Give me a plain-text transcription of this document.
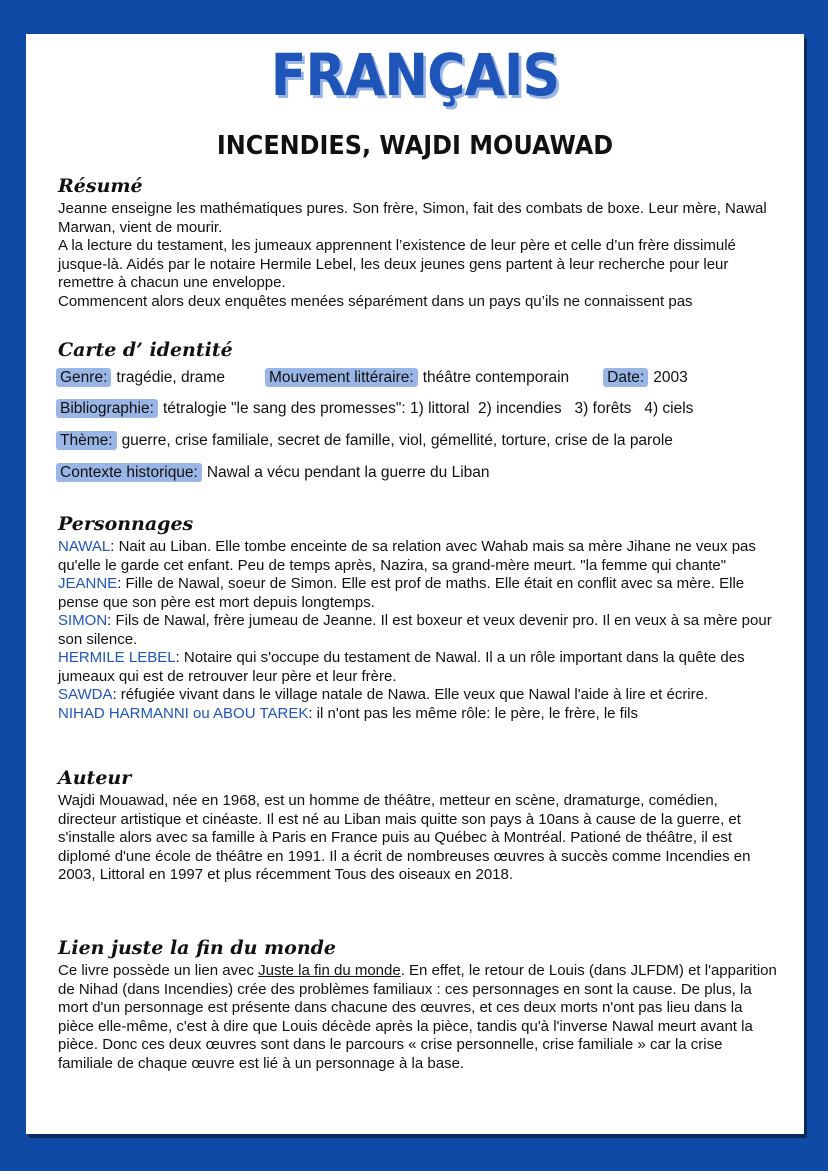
FRANÇAIS
INCENDIES, WAJDI MOUAWAD
Résumé

Jeanne enseigne les mathématiques pures. Son frère, Simon, fait des combats de boxe. Leur mère, Nawal Marwan, vient de mourir.

A la lecture du testament, les jumeaux apprennent l’existence de leur père et celle d’un frère dissimulé jusque-là. Aidés par le notaire Hermile Lebel, les deux jeunes gens partent à leur recherche pour leur remettre à chacun une enveloppe.

Commencent alors deux enquêtes menées séparément dans un pays qu’ils ne connaissent pas

Carte d’ identité
Genre: tragédie, drame	Mouvement littéraire: théâtre contemporain Date: 2003
Bibliographie: tétralogie "le sang des promesses": 1) littoral  2) incendies   3) forêts   4) ciels
Thème: guerre, crise familiale, secret de famille, viol, gémellité, torture, crise de la parole
Contexte historique: Nawal a vécu pendant la guerre du Liban
Personnages

NAWAL: Nait au Liban. Elle tombe enceinte de sa relation avec Wahab mais sa mère Jihane ne veux pas qu'elle le garde cet enfant. Peu de temps après, Nazira, sa grand-mère meurt. "la femme qui chante"

JEANNE: Fille de Nawal, soeur de Simon. Elle est prof de maths. Elle était en conflit avec sa mère. Elle pense que son père est mort depuis longtemps.

SIMON: Fils de Nawal, frère jumeau de Jeanne. Il est boxeur et veux devenir pro. Il en veux à sa mère pour son silence.

HERMILE LEBEL: Notaire qui s'occupe du testament de Nawal. Il a un rôle important dans la quête des jumeaux qui est de retrouver leur père et leur frère.

SAWDA: réfugiée vivant dans le village natale de Nawa. Elle veux que Nawal l'aide à lire et écrire.

NIHAD HARMANNI ou ABOU TAREK: il n'ont pas les même rôle: le père, le frère, le fils

Auteur

Wajdi Mouawad, née en 1968, est un homme de théâtre, metteur en scène, dramaturge, comédien, directeur artistique et cinéaste. Il est né au Liban mais quitte son pays à 10ans à cause de la guerre, et s'installe alors avec sa famille à Paris en France puis au Québec à Montréal. Pationé de théâtre, il est diplomé d'une école de théâtre en 1991. Il a écrit de nombreuses œuvres à succès comme Incendies en 2003, Littoral en 1997 et plus récemment Tous des oiseaux en 2018.

Lien juste la fin du monde

Ce livre possède un lien avec Juste la fin du monde. En effet, le retour de Louis (dans JLFDM) et l'apparition de Nihad (dans Incendies) crée des problèmes familiaux : ces personnages en sont la cause. De plus, la mort d'un personnage est présente dans chacune des œuvres, et ces deux morts n'ont pas lieu dans la pièce elle-même, c'est à dire que Louis décède après la pièce, tandis qu'à l'inverse Nawal meurt avant la pièce. Donc ces deux œuvres sont dans le parcours « crise personnelle, crise familiale » car la crise familiale de chaque œuvre est lié à un personnage à la base.
